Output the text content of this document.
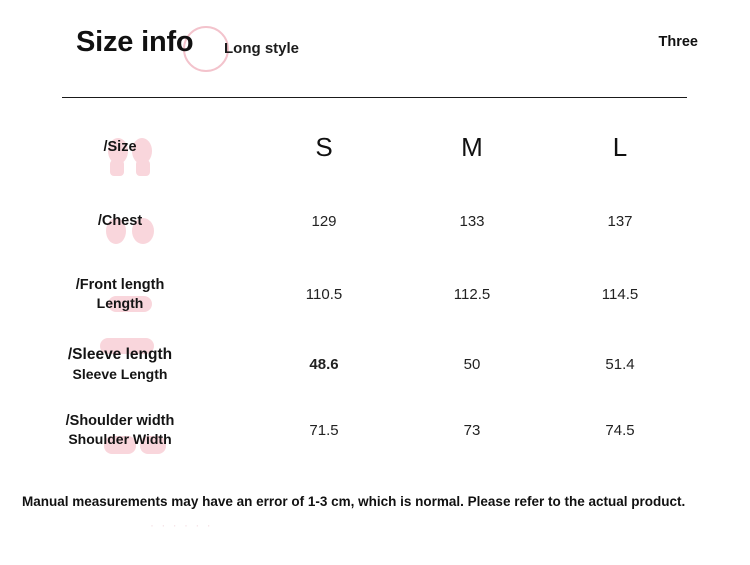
· · · · · ·
Size info Long style	Three
/Size	S	M	L
/Chest	129	133	137
/Front length
Length
110.5	112.5	114.5
/Sleeve length
Sleeve Length
48.6	50	51.4
/Shoulder width
Shoulder Width
71.5	73	74.5
Manual measurements may have an error of 1-3 cm, which is normal. Please refer to the actual product.
